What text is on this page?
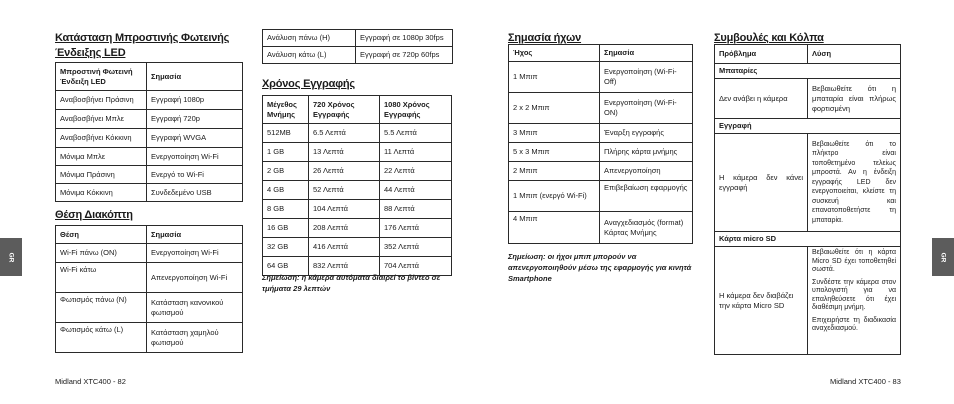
GR
Κατάσταση Μπροστινής Φωτεινής
Ένδειξης LED
Μπροστινή Φωτεινή Ένδειξη LED	Σημασία
Αναβοσβήνει Πράσινη	Εγγραφή 1080p
Αναβοσβήνει Μπλε	Εγγραφή 720p
Αναβοσβήνει Κόκκινη	Εγγραφή WVGA
Μόνιμα Μπλε	Ενεργοποίηση Wi-Fi
Μόνιμα Πράσινη	Ενεργό το Wi-Fi
Μόνιμα Κόκκινη	Συνδεδεμένο USB
Θέση Διακόπτη
Θέση	Σημασία
Wi-Fi πάνω (ON)	Ενεργοποίηση Wi-Fi
Wi-Fi κάτω	Απενεργοποίηση Wi-Fi
Φωτισμός πάνω (N)	Κατάσταση κανονικού φωτισμού
Φωτισμός κάτω (L)	Κατάσταση χαμηλού φωτισμού
Midland XTC400 - 82
Ανάλυση πάνω (H)	Εγγραφή σε 1080p 30fps
Ανάλυση κάτω (L)	Εγγραφή σε 720p 60fps
Χρόνος Εγγραφής
Μέγεθος Μνήμης	720 Χρόνος Εγγραφής	1080 Χρόνος Εγγραφής
512MB	6.5 Λεπτά	5.5 Λεπτά
1 GB	13 Λεπτά	11 Λεπτά
2 GB	26 Λεπτά	22 Λεπτά
4 GB	52 Λεπτά	44 Λεπτά
8 GB	104 Λεπτά	88 Λεπτά
16 GB	208 Λεπτά	176 Λεπτά
32 GB	416 Λεπτά	352 Λεπτά
64 GB	832 Λεπτά	704 Λεπτά
Σημείωση: η κάμερα αυτόματα διαιρεί το βίντεο σε τμήματα 29 λεπτών
Σημασία ήχων
Ήχος	Σημασία
1 Μπιπ	Ενεργοποίηση (Wi-Fi- Off)
2 x 2 Μπιπ	Ενεργοποίηση (Wi-Fi- ON)
3 Μπιπ	Έναρξη εγγραφής
5 x 3 Μπιπ	Πλήρης κάρτα μνήμης
2 Μπιπ	Απενεργοποίηση
1 Μπιπ (ενεργό Wi-Fi)	Επιβεβαίωση εφαρμογής
4 Μπιπ	Αναγχεδιασμός (format) Κάρτας Μνήμης
Σημείωση: οι ήχοι μπιπ μπορούν να απενεργοποιηθούν μέσω της εφαρμογής για κινητά Smartphone
Συμβουλές και Κόλπα
Πρόβλημα	Λύση
Μπαταρίες	
Δεν ανάβει η κάμερα	Βεβαιωθείτε ότι η μπαταρία είναι πλήρως φορτισμένη
Εγγραφή	
Η κάμερα δεν κάνει εγγραφή	Βεβαιωθείτε ότι το πλήκτρο είναι τοποθετημένο τελείως μπροστά. Αν η ένδειξη εγγραφής LED δεν ενεργοποιείται, κλείστε τη συσκευή και επανατοποθετήστε τη μπαταρία.
Κάρτα micro SD	
Η κάμερα δεν διαβάζει την κάρτα Micro SD	Βεβαιωθείτε ότι η κάρτα Micro SD έχει τοποθετηθεί σωστά.
Συνδέστε την κάμερα στον υπολογιστή για να επαληθεύσετε ότι έχει διαθέσιμη μνήμη.
Επιχειρήστε τη διαδικασία αναχεδιασμού.
Midland XTC400 - 83
GR
